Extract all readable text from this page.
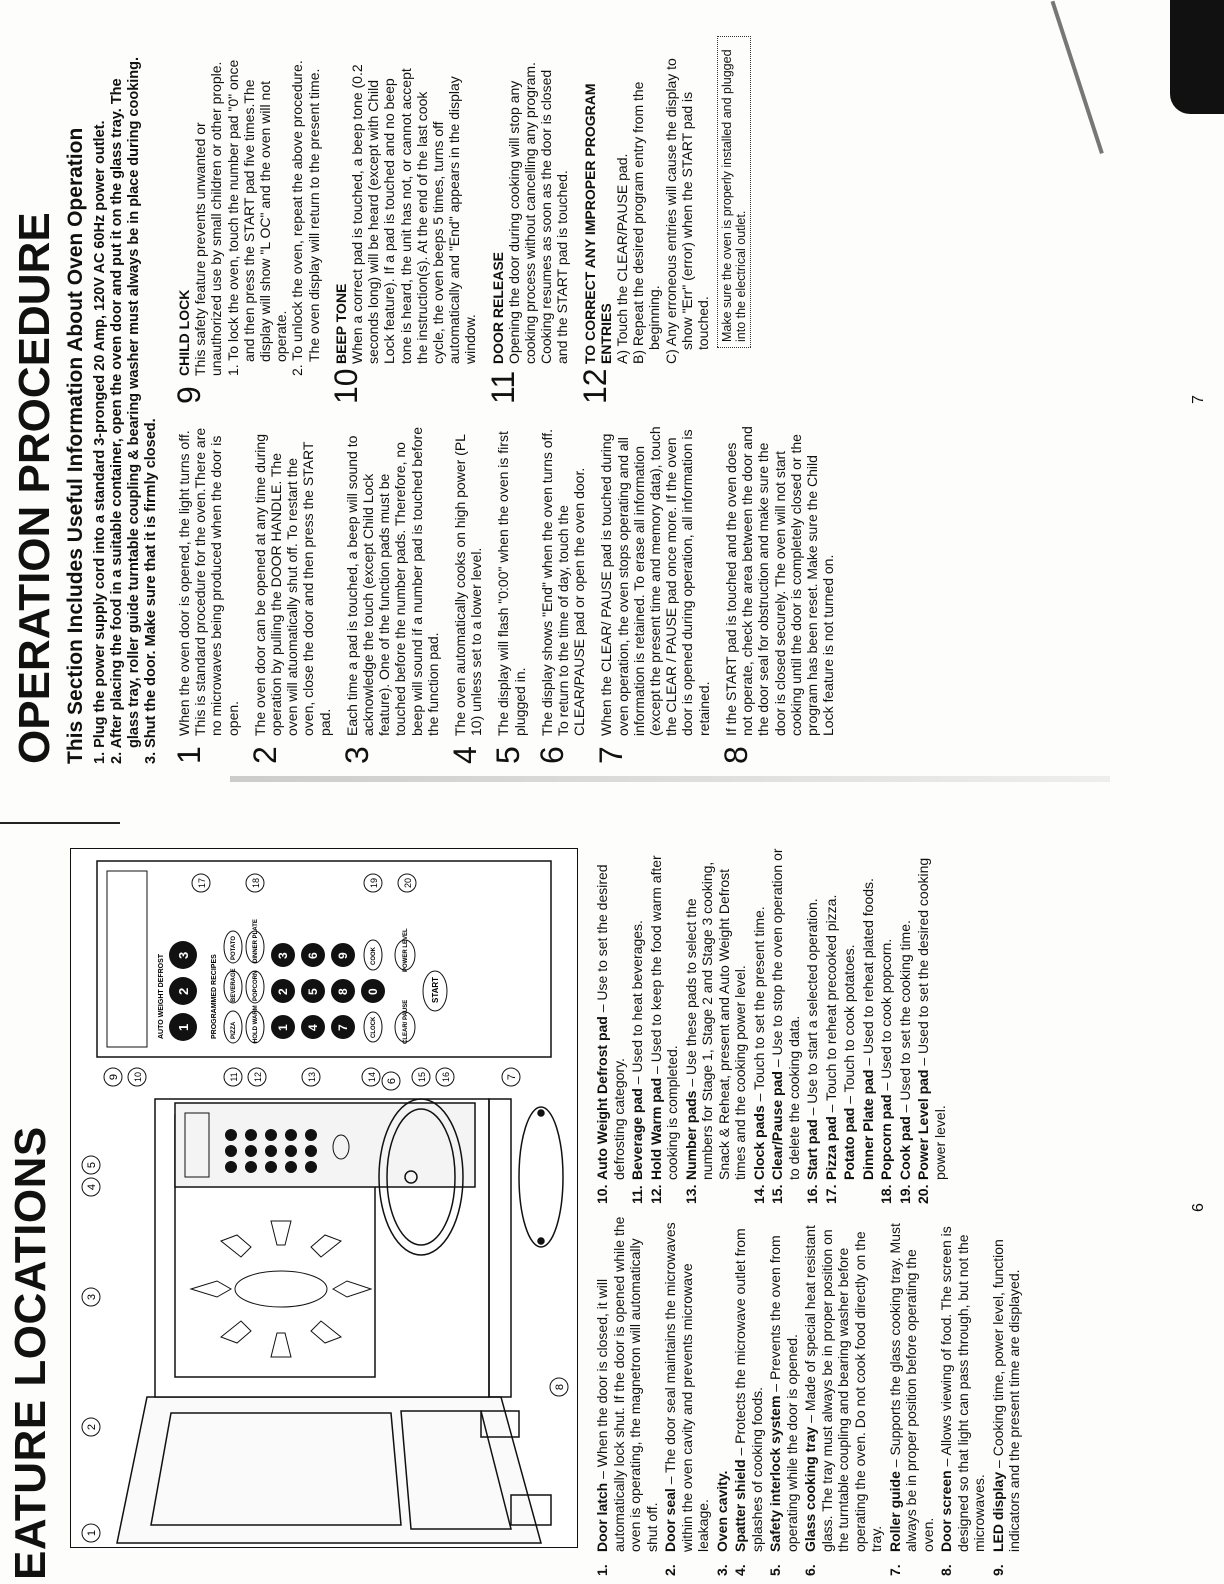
EATURE LOCATIONS
AUTO WEIGHT DEFROST 1
2
3	PROGRAMMED RECIPES PIZZA
BEVERAGE
POTATO
HOLD WARM
POPCORN
DINNER PLATE
1
2
3
4
5
6
7
8
9
0
CLOCK
COOK
CLEAR/ PAUSE
POWER LEVEL
START
1
2
3
4
5
6
7
8
9 10	11 12	13	14	15 16
17	18	19	20
1.
Door latch – When the door is closed, it will automatically lock shut. If the door is opened while the oven is operating, the magnetron will automatically shut off.
2.
Door seal – The door seal maintains the microwaves within the oven cavity and prevents microwave leakage.
3.
Oven cavity.
4.
Spatter shield – Protects the microwave outlet from splashes of cooking foods.
5.
Safety interlock system – Prevents the oven from operating while the door is opened.
6.
Glass cooking tray – Made of special heat resistant glass. The tray must always be in proper position on the turntable coupling and bearing washer before operating the oven. Do not cook food directly on the tray.
7.
Roller guide – Supports the glass cooking tray. Must always be in proper position before operating the oven.
8.
Door screen – Allows viewing of food. The screen is designed so that light can pass through, but not the microwaves.
9.
LED display – Cooking time, power level, function indicators and the present time are displayed.
10.
Auto Weight Defrost pad – Use to set the desired defrosting category.
11.
Beverage pad – Used to heat beverages.
12.
Hold Warm pad – Used to keep the food warm after cooking is completed.
13.
Number pads – Use these pads to select the numbers for Stage 1, Stage 2 and Stage 3 cooking, Snack & Reheat, present and Auto Weight Defrost times and the cooking power level.
14.
Clock pads – Touch to set the present time.
15.
Clear/Pause pad – Use to stop the oven operation or to delete the cooking data.
16.
Start pad – Use to start a selected operation.
17.
Pizza pad – Touch to reheat precooked pizza.
Potato pad – Touch to cook potatoes.
Dinner Plate pad – Used to reheat plated foods.
18.
Popcorn pad – Used to cook popcorn.
19.
Cook pad – Used to set the cooking time.
20.
Power Level pad – Used to set the desired cooking power level.
6
OPERATION PROCEDURE This Section Includes Useful Information About Oven Operation 1. Plug the power supply cord into a standard 3-pronged 20 Amp, 120V AC 60Hz power outlet. 2. After placing the food in a suitable container, open the oven door and put it on the glass tray. The glass tray, roller guide turntable coupling & bearing washer must always be in place during cooking. 3. Shut the door. Make sure that it is firmly closed. 1
When the oven door is opened, the light turns off. This is standard procedure for the oven.There are no microwaves being produced when the door is open.
2
The oven door can be opened at any time during operation by pulling the DOOR HANDLE. The oven will atuomatically shut off. To restart the oven, close the door and then press the START pad.
3
Each time a pad is touched, a beep will sound to acknowledge the touch (except Child Lock feature). One of the function pads must be touched before the number pads. Therefore, no beep will sound if a number pad is touched before the function pad.
4
The oven automatically cooks on high power (PL 10) unless set to a lower level.
5
The display will flash "0:00" when the oven is first plugged in.
6
The display shows "End" when the oven turns off. To return to the time of day, touch the CLEAR/PAUSE pad or open the oven door.
7
When the CLEAR/ PAUSE pad is touched during oven operation, the oven stops operating and all information is retained. To erase all information (except the present time and memory data), touch the CLEAR / PAUSE pad once more. If the oven door is opened during operation, all information is retained.
8
If the START pad is touched and the oven does not operate, check the area between the door and the door seal for obstruction and make sure the door is closed securely. The oven will not start cooking until the door is completely closed or the program has been reset. Make sure the Child Lock feature is not turned on.
9
CHILD LOCK This safety feature prevents unwanted or unauthorized use by small children or other prople. 1. To lock the oven, touch the number pad "0" once and then press the START pad five times.The display will show "L OC" and the oven will not operate. 2. To unlock the oven, repeat the above procedure. The oven display will return to the present time.
10
BEEP TONE When a correct pad is touched, a beep tone (0.2 seconds long) will be heard (except with Child Lock feature). If a pad is touched and no beep tone is heard, the unit has not, or cannot accept the instruction(s). At the end of the last cook cycle, the oven beeps 5 times, turns off automatically and "End" appears in the display window.
11
DOOR RELEASE Opening the door during cooking will stop any cooking process without cancelling any program. Cooking resumes as soon as the door is closed and the START pad is touched.
12
TO CORRECT ANY IMPROPER PROGRAM ENTRIES A) Touch the CLEAR/PAUSE pad. B) Repeat the desired program entry from the beginning. C) Any erroneous entries will cause the display to show "Err" (error) when the START pad is touched. Make sure the oven is properly installed and plugged into the electrical outlet.
7
